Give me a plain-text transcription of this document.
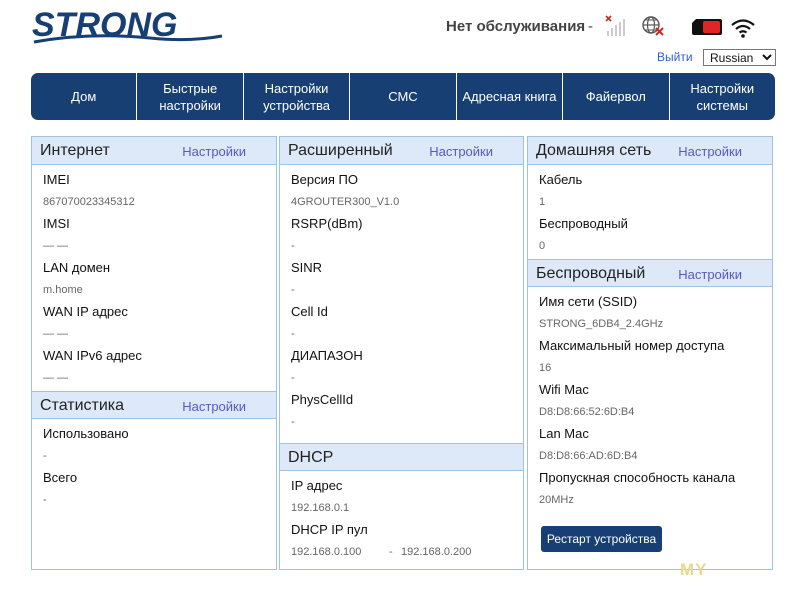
STRONG	Нет обслуживания -
Выйти
Russian
Дом
Быстрые настройки
Настройки устройства
СМС	Адресная книга	Файервол
Настройки системы
Интернет	Настройки
IMEI
867070023345312
IMSI
— —
LAN домен
m.home
WAN IP адрес
— —
WAN IPv6 адрес
— —
Статистика	Настройки
Использовано
-
Всего
-
Расширенный	Настройки
Версия ПО
4GROUTER300_V1.0
RSRP(dBm)
-
SINR
-
Cell Id
-
ДИАПАЗОН
-
PhysCellId
-
DHCP
IP адрес
192.168.0.1
DHCP IP пул
192.168.0.100	- 192.168.0.200
Домашняя сеть Настройки
Кабель
1
Беспроводный
0
Беспроводный	Настройки
Имя сети (SSID)
STRONG_6DB4_2.4GHz
Максимальный номер доступа
16
Wifi Mac
D8:D8:66:52:6D:B4
Lan Mac
D8:D8:66:AD:6D:B4
Пропускная способность канала
20MHz
Рестарт устройства
MY
